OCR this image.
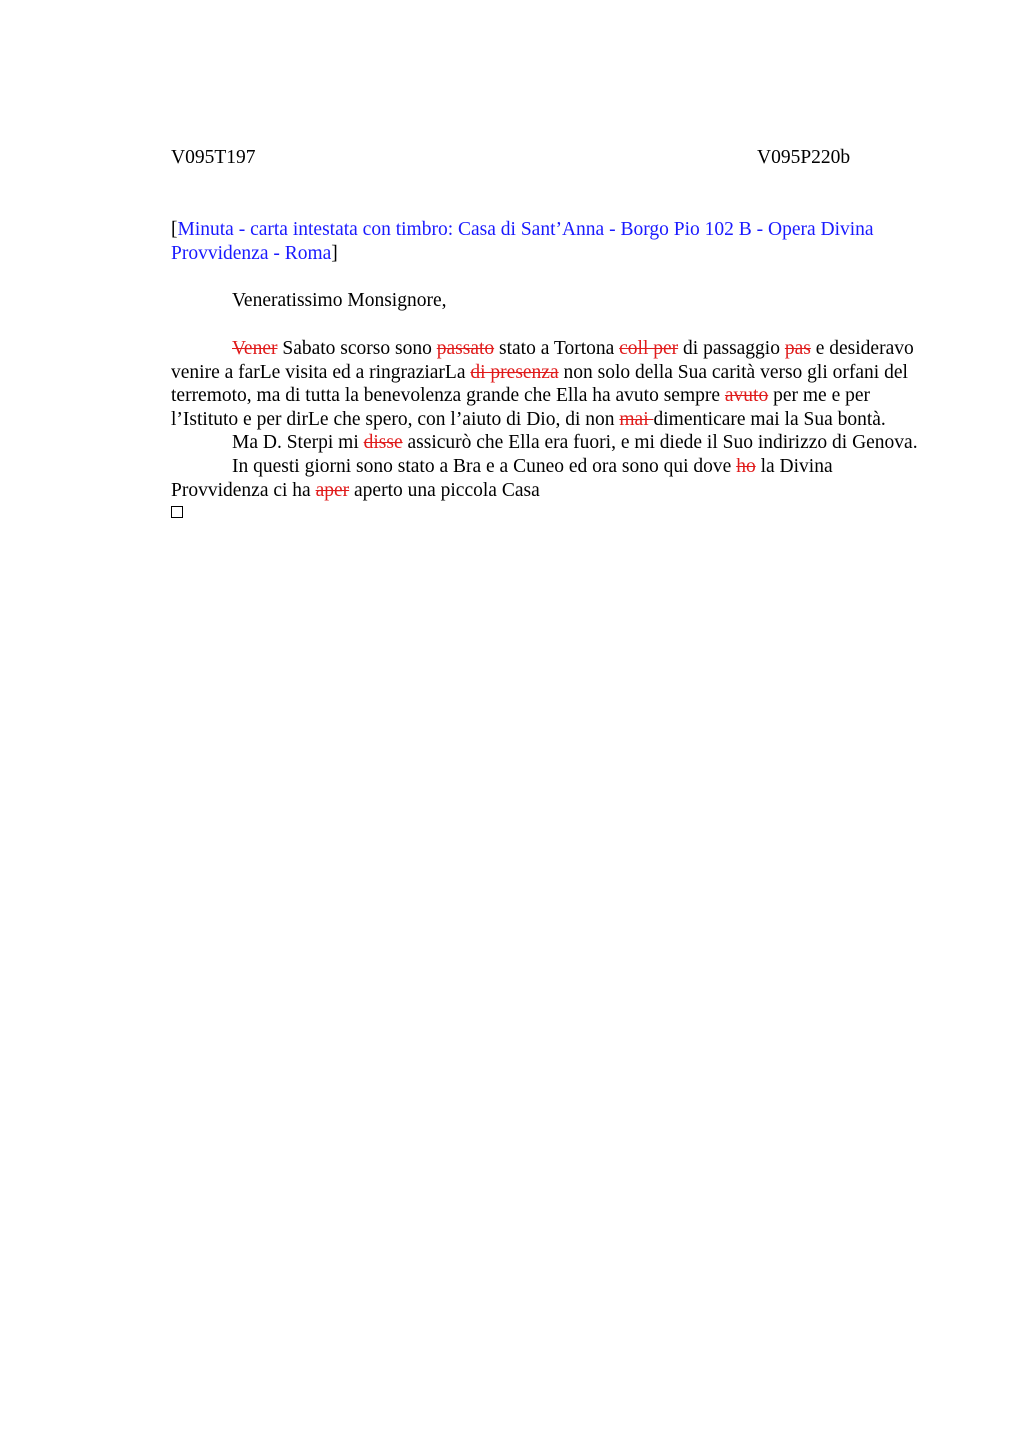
V095T197	V095P220b
[Minuta - carta intestata con timbro: Casa di Sant’Anna - Borgo Pio 102 B - Opera Divina Provvidenza - Roma]
Veneratissimo Monsignore,

Vener Sabato scorso sono passato stato a Tortona coll per di passaggio pas e desideravo venire a farLe visita ed a ringraziarLa di presenza non solo della Sua carità verso gli orfani del terremoto, ma di tutta la benevolenza grande che Ella ha avuto sempre avuto per me e per l’Istituto e per dirLe che spero, con l’aiuto di Dio, di non mai dimenticare mai la Sua bontà.

Ma D. Sterpi mi disse assicurò che Ella era fuori, e mi diede il Suo indirizzo di Genova.

In questi giorni sono stato a Bra e a Cuneo ed ora sono qui dove ho la Divina Provvidenza ci ha aper aperto una piccola Casa
